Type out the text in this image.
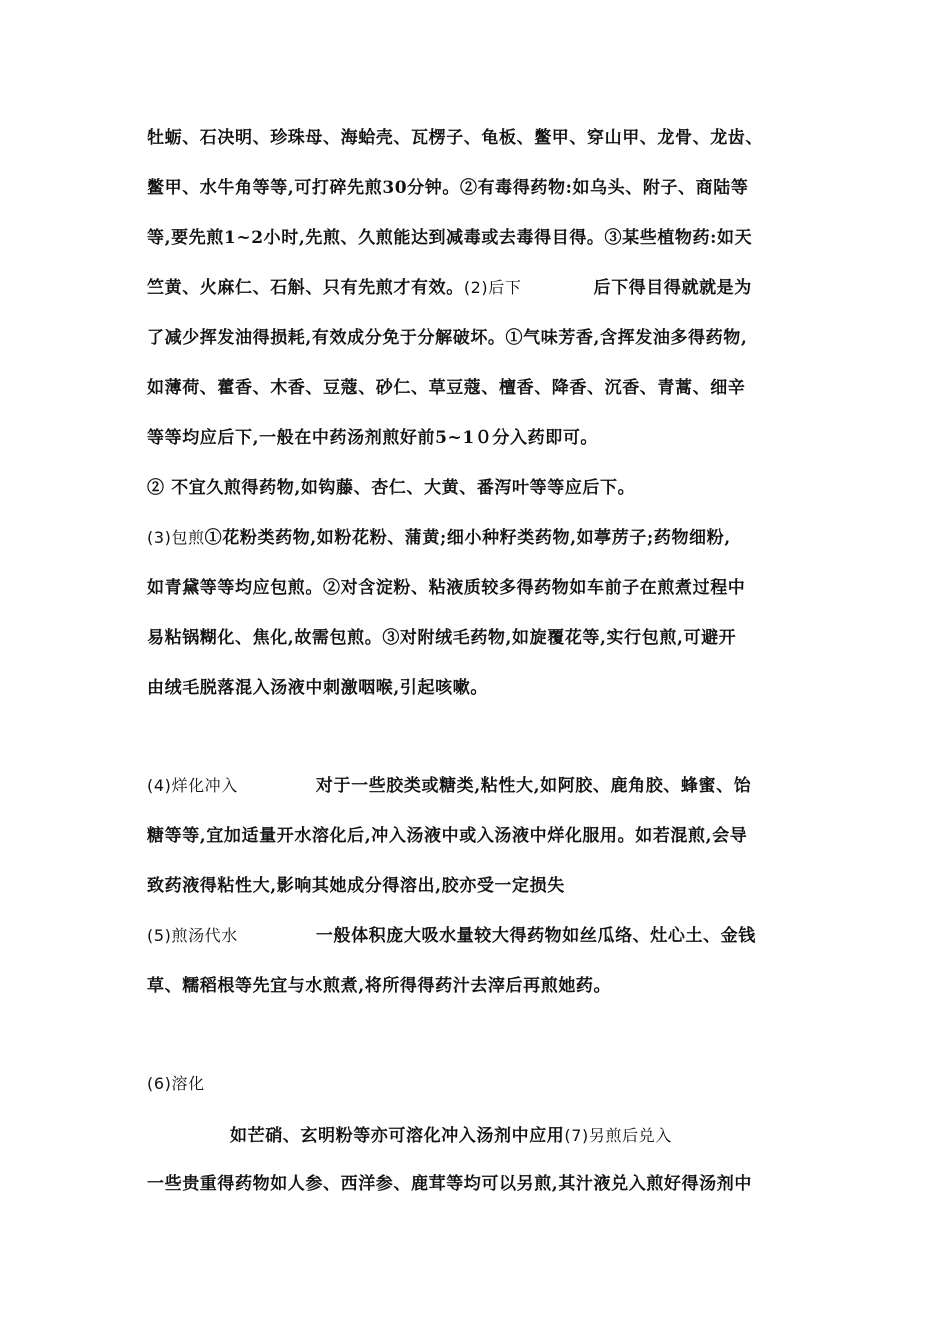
牡蛎、石决明、珍珠母、海蛤壳、瓦楞子、龟板、鳖甲、穿山甲、龙骨、龙齿、
鳖甲、水牛角等等,可打碎先煎30分钟。②有毒得药物:如乌头、附子、商陆等
等,要先煎1~2小时,先煎、久煎能达到减毒或去毒得目得。③某些植物药:如天
竺黄、火麻仁、石斛、只有先煎才有效。(2)后下	后下得目得就就是为
了减少挥发油得损耗,有效成分免于分解破坏。①气味芳香,含挥发油多得药物,
如薄荷、藿香、木香、豆蔻、砂仁、草豆蔻、檀香、降香、沉香、青蒿、细辛
等等均应后下,一般在中药汤剂煎好前5~1０分入药即可。
② 不宜久煎得药物,如钩藤、杏仁、大黄、番泻叶等等应后下。
(3)包煎①花粉类药物,如粉花粉、蒲黄;细小种籽类药物,如葶苈子;药物细粉,
如青黛等等均应包煎。②对含淀粉、粘液质较多得药物如车前子在煎煮过程中
易粘锅糊化、焦化,故需包煎。③对附绒毛药物,如旋覆花等,实行包煎,可避开
由绒毛脱落混入汤液中刺激咽喉,引起咳嗽。
(4)烊化冲入	对于一些胶类或糖类,粘性大,如阿胶、鹿角胶、蜂蜜、饴
糖等等,宜加适量开水溶化后,冲入汤液中或入汤液中烊化服用。如若混煎,会导
致药液得粘性大,影响其她成分得溶出,胶亦受一定损失
(5)煎汤代水	一般体积庞大吸水量较大得药物如丝瓜络、灶心土、金钱
草、糯稻根等先宜与水煎煮,将所得得药汁去滓后再煎她药。
(6)溶化
如芒硝、玄明粉等亦可溶化冲入汤剂中应用(7)另煎后兑入
一些贵重得药物如人参、西洋参、鹿茸等均可以另煎,其汁液兑入煎好得汤剂中
